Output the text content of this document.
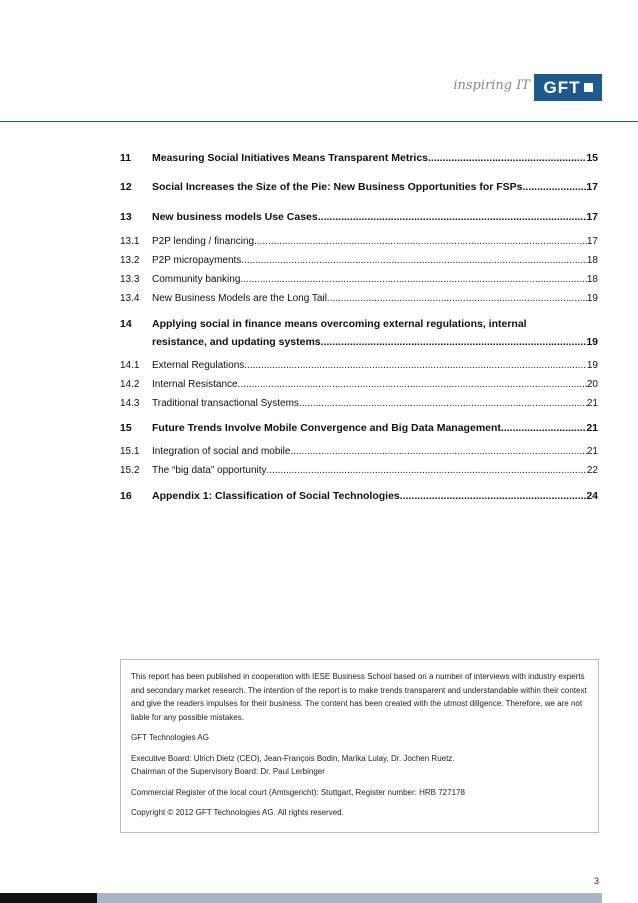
inspiring IT GFT
11	Measuring Social Initiatives Means Transparent Metrics .....	15
12	Social Increases the Size of the Pie: New Business Opportunities for FSPs .....	17
13	New business models Use Cases .....	17
13.1	P2P lending / financing .....	17
13.2	P2P micropayments .....	18
13.3	Community banking .....	18
13.4	New Business Models are the Long Tail .....	19
14	Applying social in finance means overcoming external regulations, internal
resistance, and updating systems .....	19
14.1	External Regulations .....	19
14.2	Internal Resistance .....	20
14.3	Traditional transactional Systems .....	21
15	Future Trends Involve Mobile Convergence and Big Data Management .....	21
15.1	Integration of social and mobile .....	21
15.2	The “big data” opportunity .....	22
16	Appendix 1: Classification of Social Technologies .....	24

This report has been published in cooperation with IESE Business School based on a number of interviews with industry experts and secondary market research. The intention of the report is to make trends transparent and understandable within their context and give the readers impulses for their business. The content has been created with the utmost diligence. Therefore, we are not liable for any possible mistakes.

GFT Technologies AG

Executive Board: Ulrich Dietz (CEO), Jean-François Bodin, Marika Lulay, Dr. Jochen Ruetz.

Chairman of the Supervisory Board: Dr. Paul Lerbinger

Commercial Register of the local court (Amtsgericht): Stuttgart, Register number: HRB 727178

Copyright © 2012 GFT Technologies AG. All rights reserved.

3
